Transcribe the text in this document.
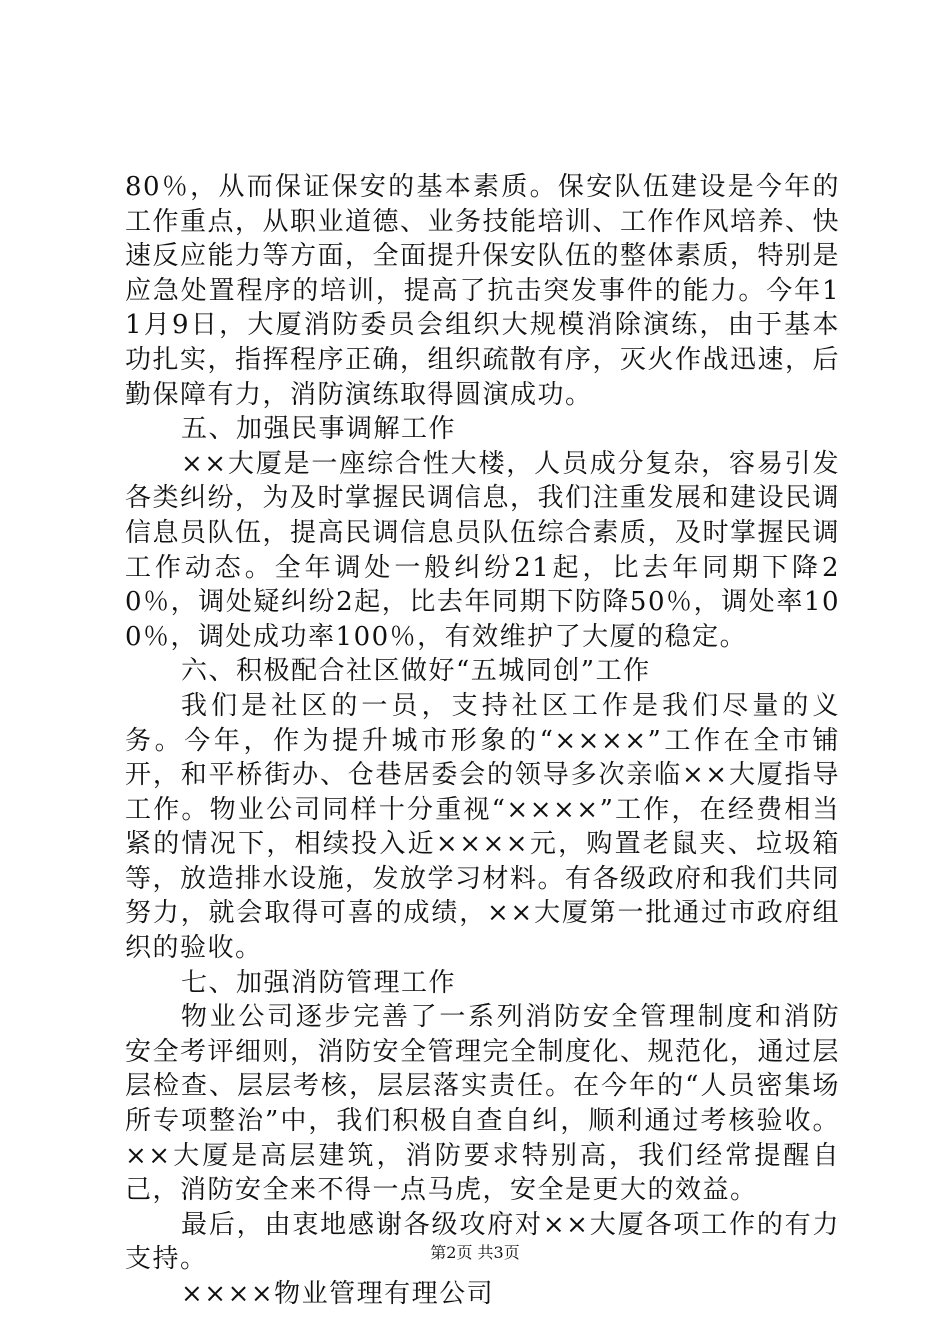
80％，从而保证保安的基本素质。保安队伍建设是今年的工作重点，从职业道德、业务技能培训、工作作风培养、快速反应能力等方面，全面提升保安队伍的整体素质，特别是应急处置程序的培训，提高了抗击突发事件的能力。今年11月9日，大厦消防委员会组织大规模消除演练，由于基本功扎实，指挥程序正确，组织疏散有序，灭火作战迅速，后勤保障有力，消防演练取得圆演成功。

五、加强民事调解工作

××大厦是一座综合性大楼，人员成分复杂，容易引发各类纠纷，为及时掌握民调信息，我们注重发展和建设民调信息员队伍，提高民调信息员队伍综合素质，及时掌握民调工作动态。全年调处一般纠纷21起，比去年同期下降20％，调处疑纠纷2起，比去年同期下防降50％，调处率100％，调处成功率100％，有效维护了大厦的稳定。

六、积极配合社区做好“五城同创”工作

我们是社区的一员，支持社区工作是我们尽量的义务。今年，作为提升城市形象的“××××”工作在全市铺开，和平桥街办、仓巷居委会的领导多次亲临××大厦指导工作。物业公司同样十分重视“××××”工作，在经费相当紧的情况下，相续投入近××××元，购置老鼠夹、垃圾箱等，放造排水设施，发放学习材料。有各级政府和我们共同努力，就会取得可喜的成绩，××大厦第一批通过市政府组织的验收。

七、加强消防管理工作

物业公司逐步完善了一系列消防安全管理制度和消防安全考评细则，消防安全管理完全制度化、规范化，通过层层检查、层层考核，层层落实责任。在今年的“人员密集场所专项整治”中，我们积极自查自纠，顺利通过考核验收。××大厦是高层建筑，消防要求特别高，我们经常提醒自己，消防安全来不得一点马虎，安全是更大的效益。

最后，由衷地感谢各级攻府对××大厦各项工作的有力支持。

××××物业管理有理公司

第2页 共3页
